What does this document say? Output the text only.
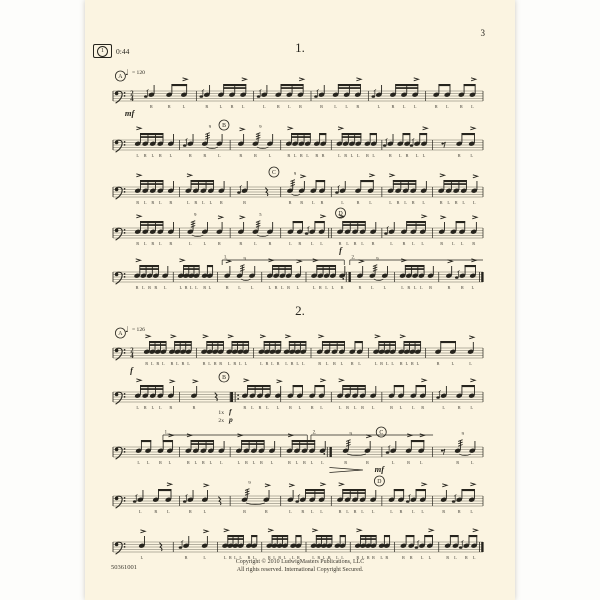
1	0:44
3
1.
2.
2
4
♩ = 120
A
mf
R	R	L	R	L R L	L	R L R	R	L L R	L	R L L	R L	R L
B
L R L R L
9
R	R	L
9
R	R	L	R L R L R R	L R L L R L	R L R L L	R L
C
R L R L R	L R L L R	R
9
R R L R	L	R L	L R L R L	R L R L L
D
f
R L R L R
9
L	L	R
5
R	L	R	L R L L	R L R L R	L R L L	R L L R
1.	2.
R L R R L	L R L L R L
9
R L L	L R L R L	L R L L R
9
R L L	L R L L R	R R L
2
4
♩ = 126
A
f
R L R L R L R L	R L R R L R L L	L R L R L R L L	R L R L R L	L R L L R L R L	R	L	L
B
1x f
2x p
L R L L R	R	R L R L L R L R L	L R L R L	R L L R	L	R L
C
mf
1.	2.
L L R L	R L R L L	L R L R L	R L R L L
9
R	R	L	R L
9
R	L
D
L	R L	R	L
9
R	R	L R L L	R L R L L	L R L L	R	R L
L	R	L	L R L L R L	R L R L L R	L R L R L L	R L R R L R	R R L L	R L R L
50361001
Copyright © 2010 LudwigMasters Publications, LLC
All rights reserved. International Copyright Secured.
